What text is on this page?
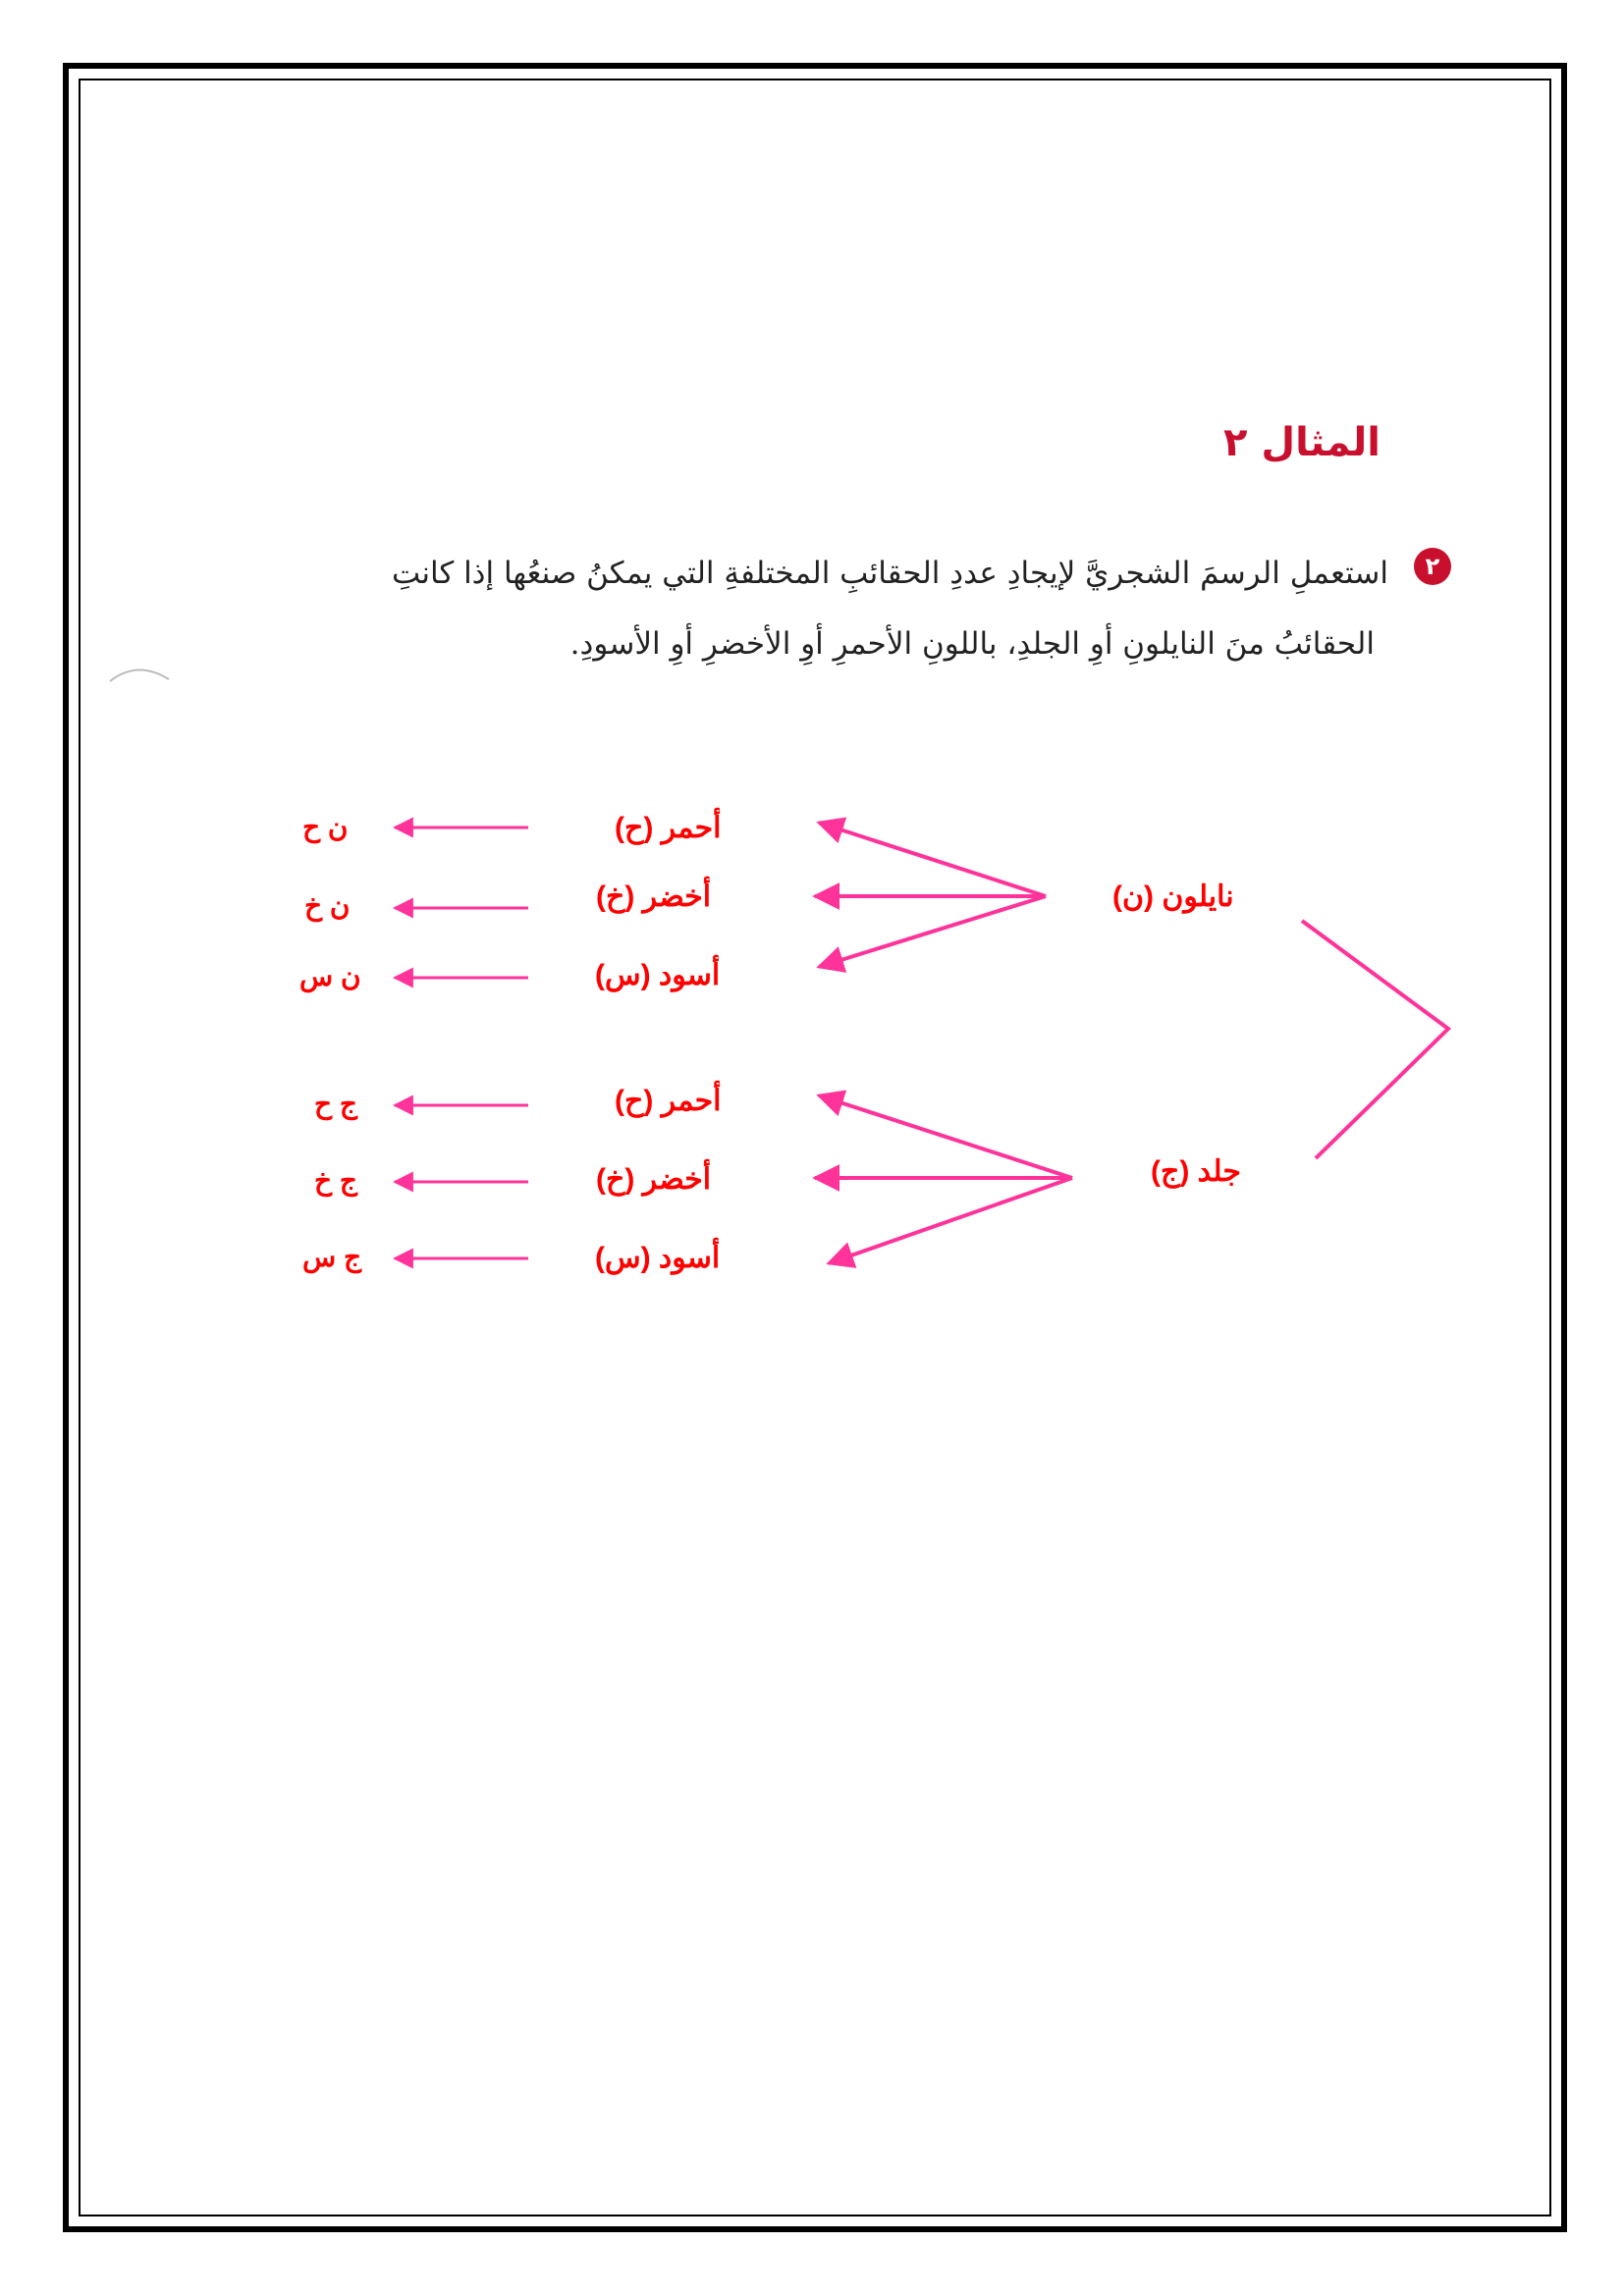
المثال ٢
٢
استعملِ الرسمَ الشجريَّ لإيجادِ عددِ الحقائبِ المختلفةِ التي يمكنُ صنعُها إذا كانتِ
الحقائبُ منَ النايلونِ أوِ الجلدِ، باللونِ الأحمرِ أوِ الأخضرِ أوِ الأسودِ.
نايلون (ن)
جلد (ج)
أحمر (ح)
أخضر (خ)
أسود (س)
أحمر (ح)
أخضر (خ)
أسود (س)
ن ح
ن خ
ن س
ج ح
ج خ
ج س
